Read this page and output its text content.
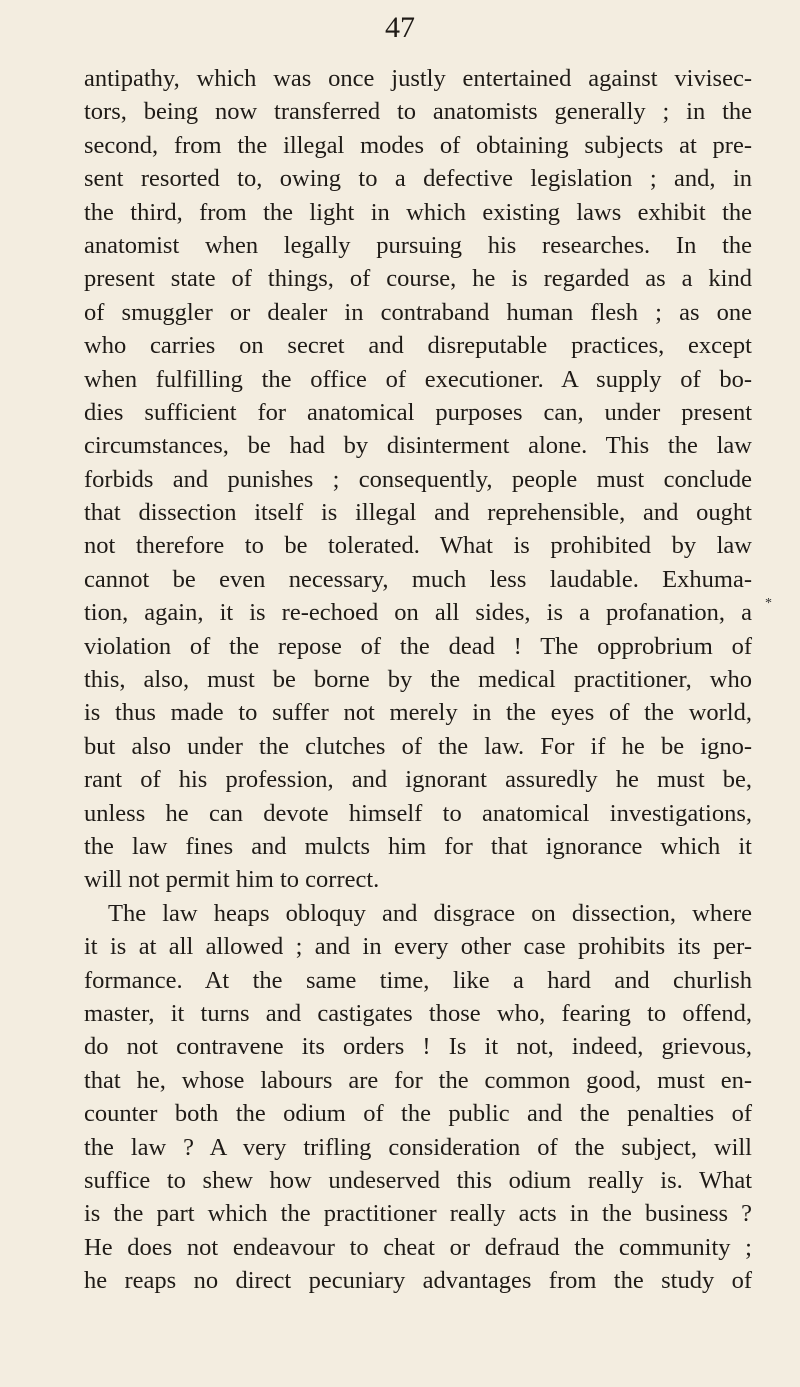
47
*
antipathy, which was once justly entertained against vivisec-
tors, being now transferred to anatomists generally ; in the
second, from the illegal modes of obtaining subjects at pre-
sent resorted to, owing to a defective legislation ; and, in
the third, from the light in which existing laws exhibit the
anatomist when legally pursuing his researches. In the
present state of things, of course, he is regarded as a kind
of smuggler or dealer in contraband human flesh ; as one
who carries on secret and disreputable practices, except
when fulfilling the office of executioner. A supply of bo-
dies sufficient for anatomical purposes can, under present
circumstances, be had by disinterment alone. This the law
forbids and punishes ; consequently, people must conclude
that dissection itself is illegal and reprehensible, and ought
not therefore to be tolerated. What is prohibited by law
cannot be even necessary, much less laudable. Exhuma-
tion, again, it is re-echoed on all sides, is a profanation, a
violation of the repose of the dead ! The opprobrium of
this, also, must be borne by the medical practitioner, who
is thus made to suffer not merely in the eyes of the world,
but also under the clutches of the law. For if he be igno-
rant of his profession, and ignorant assuredly he must be,
unless he can devote himself to anatomical investigations,
the law fines and mulcts him for that ignorance which it
will not permit him to correct.
The law heaps obloquy and disgrace on dissection, where
it is at all allowed ; and in every other case prohibits its per-
formance. At the same time, like a hard and churlish
master, it turns and castigates those who, fearing to offend,
do not contravene its orders ! Is it not, indeed, grievous,
that he, whose labours are for the common good, must en-
counter both the odium of the public and the penalties of
the law ? A very trifling consideration of the subject, will
suffice to shew how undeserved this odium really is. What
is the part which the practitioner really acts in the business ?
He does not endeavour to cheat or defraud the community ;
he reaps no direct pecuniary advantages from the study of
